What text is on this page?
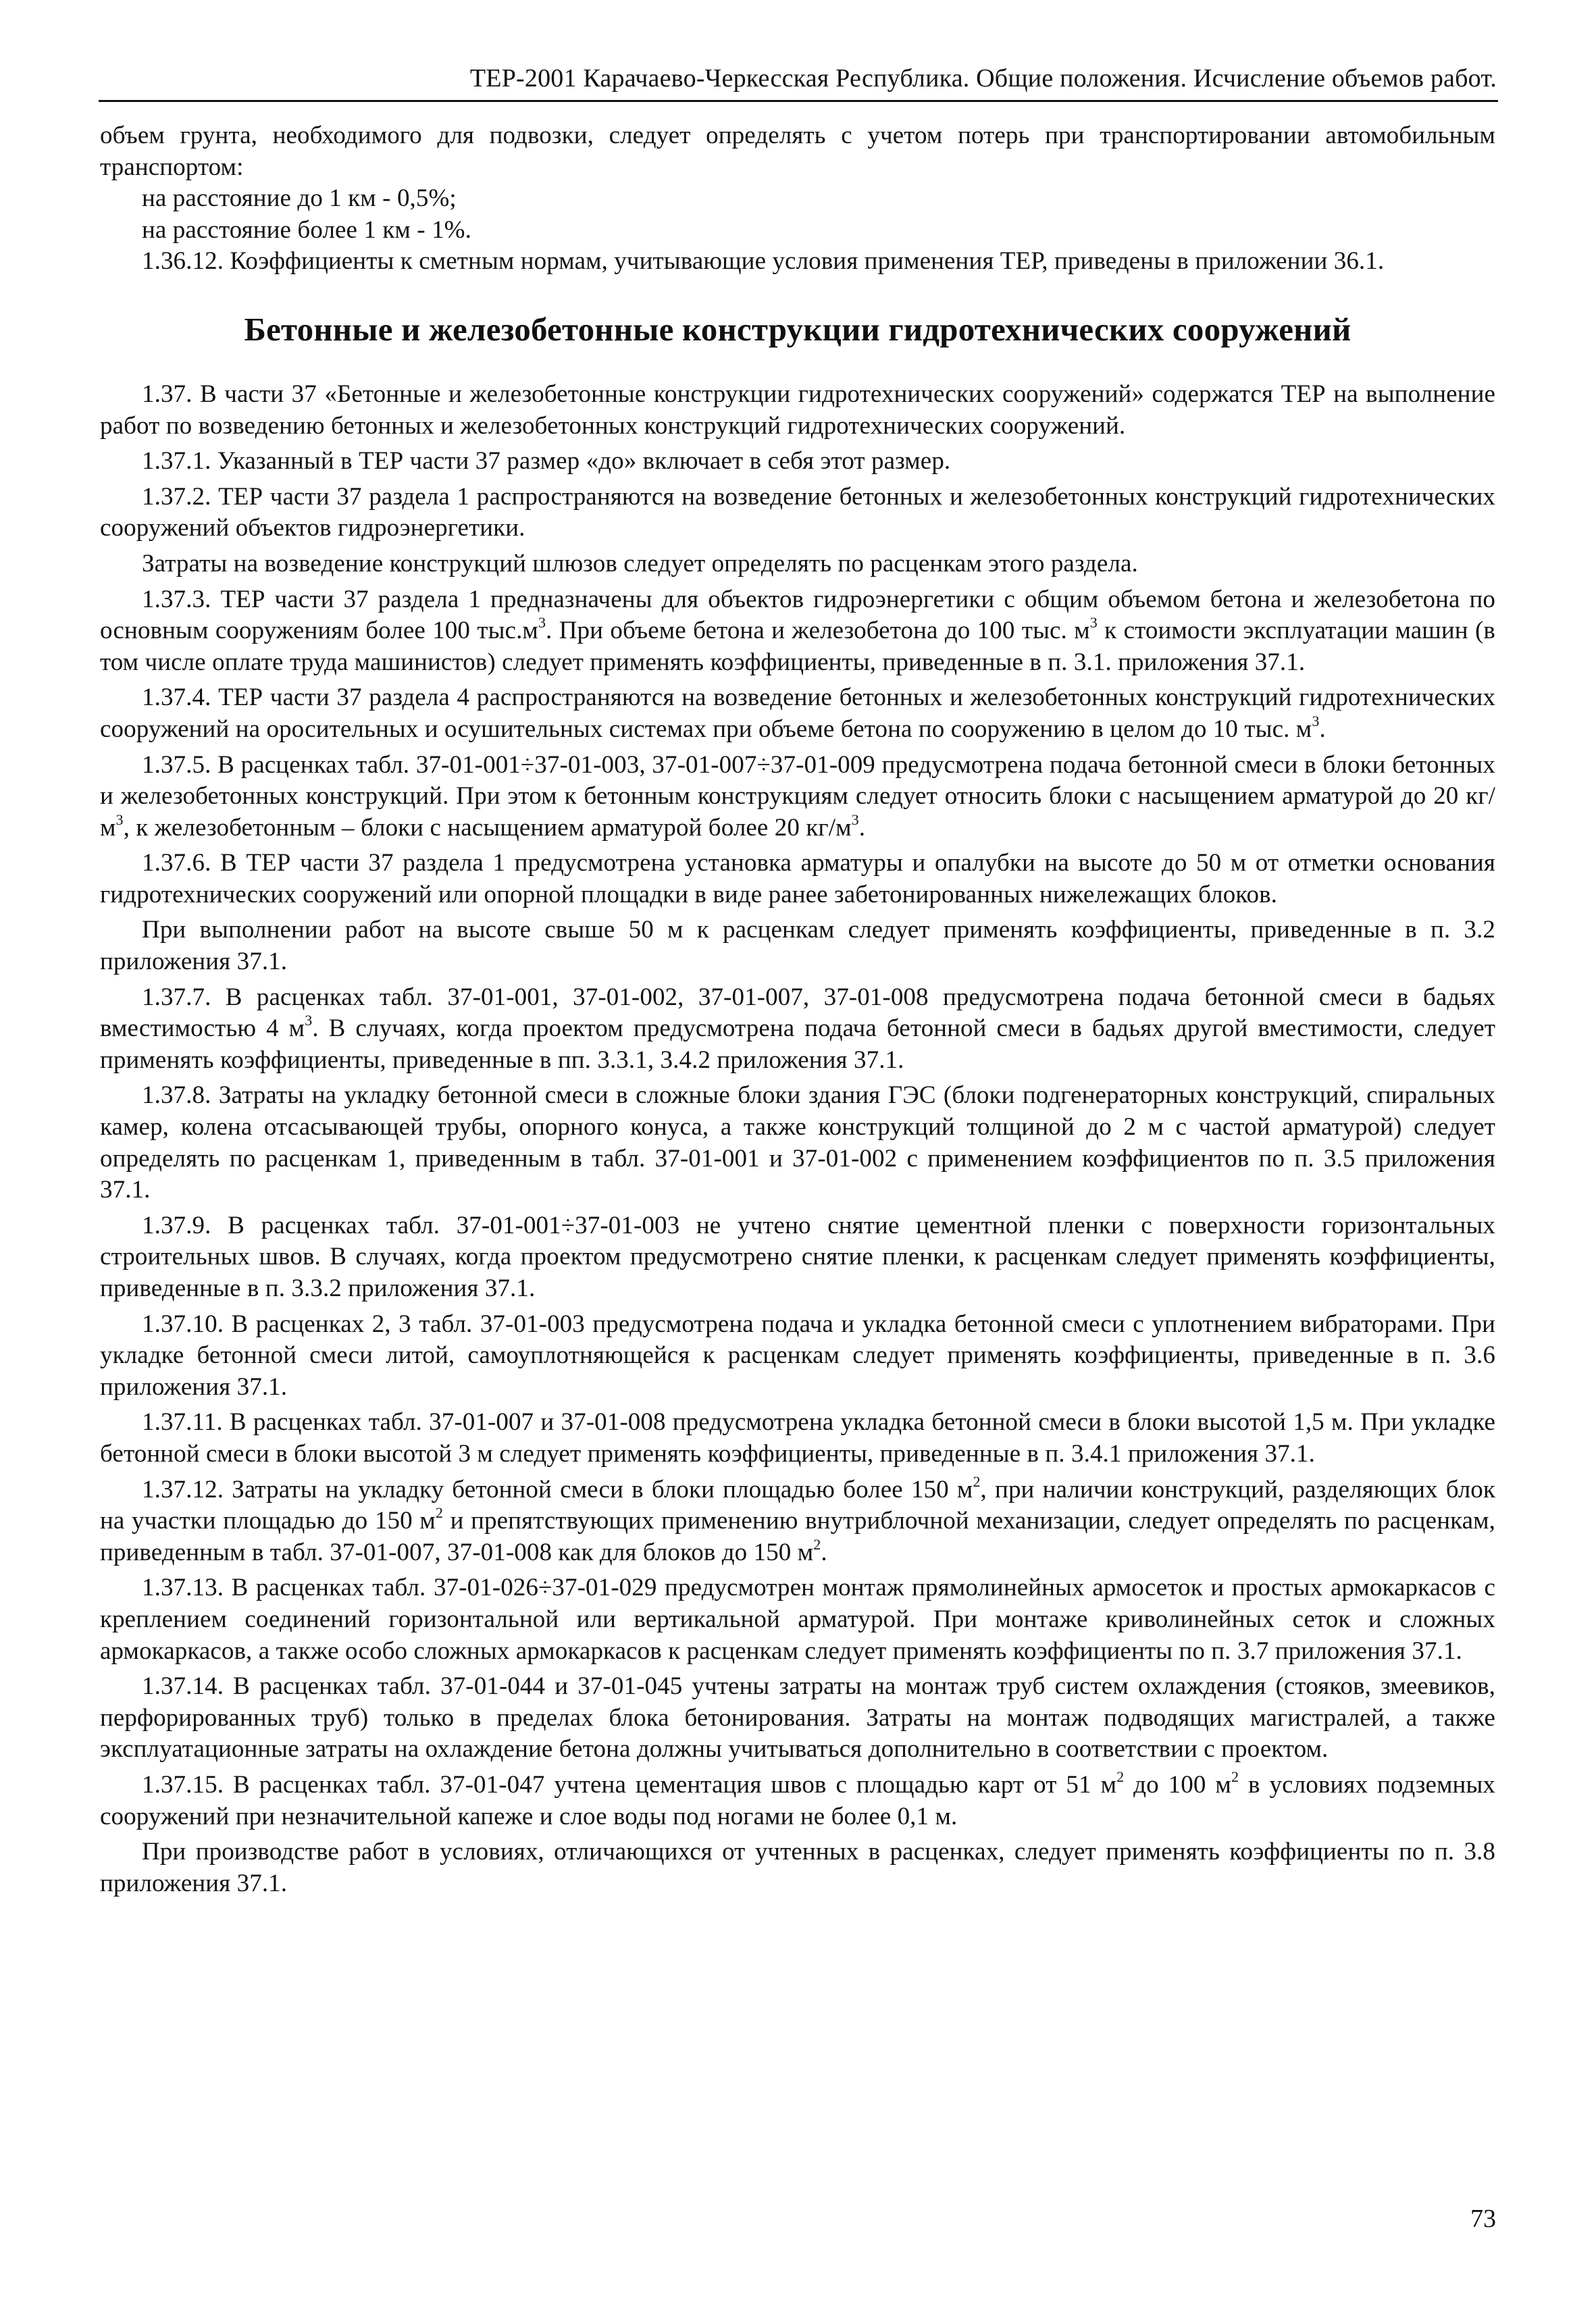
ТЕР-2001 Карачаево-Черкесская Республика. Общие положения. Исчисление объемов работ.

объем грунта, необходимого для подвозки, следует определять с учетом потерь при транспортировании автомобильным транспортом:

на расстояние до 1 км - 0,5%;

на расстояние более 1 км - 1%.

1.36.12. Коэффициенты к сметным нормам, учитывающие условия применения ТЕР, приведены в приложении 36.1.

Бетонные и железобетонные конструкции гидротехнических сооружений

1.37. В части 37 «Бетонные и железобетонные конструкции гидротехнических сооружений» содержатся ТЕР на выполнение работ по возведению бетонных и железобетонных конструкций гидротехнических сооружений.

1.37.1. Указанный в ТЕР части 37 размер «до» включает в себя этот размер.

1.37.2. ТЕР части 37 раздела 1 распространяются на возведение бетонных и железобетонных конструкций гидротехнических сооружений объектов гидроэнергетики.

Затраты на возведение конструкций шлюзов следует определять по расценкам этого раздела.

1.37.3. ТЕР части 37 раздела 1 предназначены для объектов гидроэнергетики с общим объемом бетона и железобетона по основным сооружениям более 100 $тыс.м^3$. При объеме бетона и железобетона до 100 тыс. $м^3$ к стоимости эксплуатации машин (в том числе оплате труда машинистов) следует применять коэффициенты, приведенные в п. 3.1. приложения 37.1.

1.37.4. ТЕР части 37 раздела 4 распространяются на возведение бетонных и железобетонных конструкций гидротехнических сооружений на оросительных и осушительных системах при объеме бетона по сооружению в целом до 10 тыс. $м^3$.

1.37.5. В расценках табл. 37-01-001÷37-01-003, 37-01-007÷37-01-009 предусмотрена подача бетонной смеси в блоки бетонных и железобетонных конструкций. При этом к бетонным конструкциям следует относить блоки с насыщением арматурой до 20 $кг/м^3$, к железобетонным – блоки с насыщением арматурой более 20 $кг/м^3$.

1.37.6. В ТЕР части 37 раздела 1 предусмотрена установка арматуры и опалубки на высоте до 50 м от отметки основания гидротехнических сооружений или опорной площадки в виде ранее забетонированных нижележащих блоков.

При выполнении работ на высоте свыше 50 м к расценкам следует применять коэффициенты, приведенные в п. 3.2 приложения 37.1.

1.37.7. В расценках табл. 37-01-001, 37-01-002, 37-01-007, 37-01-008 предусмотрена подача бетонной смеси в бадьях вместимостью 4 $м^3$. В случаях, когда проектом предусмотрена подача бетонной смеси в бадьях другой вместимости, следует применять коэффициенты, приведенные в пп. 3.3.1, 3.4.2 приложения 37.1.

1.37.8. Затраты на укладку бетонной смеси в сложные блоки здания ГЭС (блоки подгенераторных конструкций, спиральных камер, колена отсасывающей трубы, опорного конуса, а также конструкций толщиной до 2 м с частой арматурой) следует определять по расценкам 1, приведенным в табл. 37-01-001 и 37-01-002 с применением коэффициентов по п. 3.5 приложения 37.1.

1.37.9. В расценках табл. 37-01-001÷37-01-003 не учтено снятие цементной пленки с поверхности горизонтальных строительных швов. В случаях, когда проектом предусмотрено снятие пленки, к расценкам следует применять коэффициенты, приведенные в п. 3.3.2 приложения 37.1.

1.37.10. В расценках 2, 3 табл. 37-01-003 предусмотрена подача и укладка бетонной смеси с уплотнением вибраторами. При укладке бетонной смеси литой, самоуплотняющейся к расценкам следует применять коэффициенты, приведенные в п. 3.6 приложения 37.1.

1.37.11. В расценках табл. 37-01-007 и 37-01-008 предусмотрена укладка бетонной смеси в блоки высотой 1,5 м. При укладке бетонной смеси в блоки высотой 3 м следует применять коэффициенты, приведенные в п. 3.4.1 приложения 37.1.

1.37.12. Затраты на укладку бетонной смеси в блоки площадью более 150 $м^2$, при наличии конструкций, разделяющих блок на участки площадью до 150 $м^2$ и препятствующих применению внутриблочной механизации, следует определять по расценкам, приведенным в табл. 37-01-007, 37-01-008 как для блоков до 150 $м^2$.

1.37.13. В расценках табл. 37-01-026÷37-01-029 предусмотрен монтаж прямолинейных армосеток и простых армокаркасов с креплением соединений горизонтальной или вертикальной арматурой. При монтаже криволинейных сеток и сложных армокаркасов, а также особо сложных армокаркасов к расценкам следует применять коэффициенты по п. 3.7 приложения 37.1.

1.37.14. В расценках табл. 37-01-044 и 37-01-045 учтены затраты на монтаж труб систем охлаждения (стояков, змеевиков, перфорированных труб) только в пределах блока бетонирования. Затраты на монтаж подводящих магистралей, а также эксплуатационные затраты на охлаждение бетона должны учитываться дополнительно в соответствии с проектом.

1.37.15. В расценках табл. 37-01-047 учтена цементация швов с площадью карт от 51 $м^2$ до 100 $м^2$ в условиях подземных сооружений при незначительной капеже и слое воды под ногами не более 0,1 м.

При производстве работ в условиях, отличающихся от учтенных в расценках, следует применять коэффициенты по п. 3.8 приложения 37.1.

73
